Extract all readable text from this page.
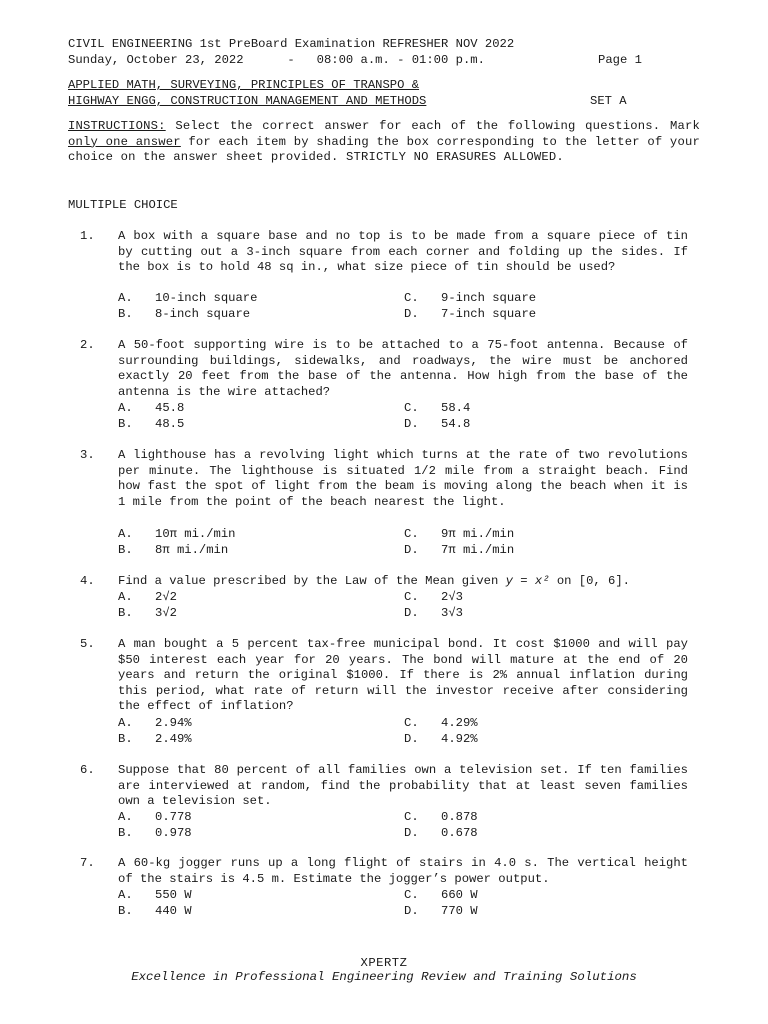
CIVIL ENGINEERING 1st PreBoard Examination REFRESHER NOV 2022
Sunday, October 23, 2022      -   08:00 a.m. - 01:00 p.m.	Page 1
APPLIED MATH, SURVEYING, PRINCIPLES OF TRANSPO &
HIGHWAY ENGG, CONSTRUCTION MANAGEMENT AND METHODS	SET A
INSTRUCTIONS: Select the correct answer for each of the following questions. Mark only one answer for each item by shading the box corresponding to the letter of your choice on the answer sheet provided. STRICTLY NO ERASURES ALLOWED.
MULTIPLE CHOICE
1. A box with a square base and no top is to be made from a square piece of tin by cutting out a 3-inch square from each corner and folding up the sides. If the box is to hold 48 sq in., what size piece of tin should be used?
A. 10-inch square
B. 8-inch square
C. 9-inch square
D. 7-inch square
2. A 50-foot supporting wire is to be attached to a 75-foot antenna. Because of surrounding buildings, sidewalks, and roadways, the wire must be anchored exactly 20 feet from the base of the antenna. How high from the base of the antenna is the wire attached?
A. 45.8
B. 48.5
C. 58.4
D. 54.8
3. A lighthouse has a revolving light which turns at the rate of two revolutions per minute. The lighthouse is situated 1/2 mile from a straight beach. Find how fast the spot of light from the beam is moving along the beach when it is 1 mile from the point of the beach nearest the light.
A. 10π mi./min
B. 8π mi./min
C. 9π mi./min
D. 7π mi./min
4. Find a value prescribed by the Law of the Mean given y = x² on [0, 6].
A. 2√2
B. 3√2
C. 2√3
D. 3√3
5. A man bought a 5 percent tax-free municipal bond. It cost $1000 and will pay $50 interest each year for 20 years. The bond will mature at the end of 20 years and return the original $1000. If there is 2% annual inflation during this period, what rate of return will the investor receive after considering the effect of inflation?
A. 2.94%
B. 2.49%
C. 4.29%
D. 4.92%
6. Suppose that 80 percent of all families own a television set. If ten families are interviewed at random, find the probability that at least seven families own a television set.
A. 0.778
B. 0.978
C. 0.878
D. 0.678
7. A 60-kg jogger runs up a long flight of stairs in 4.0 s. The vertical height of the stairs is 4.5 m. Estimate the jogger’s power output.
A. 550 W
B. 440 W
C. 660 W
D. 770 W
XPERTZ
Excellence in Professional Engineering Review and Training Solutions
